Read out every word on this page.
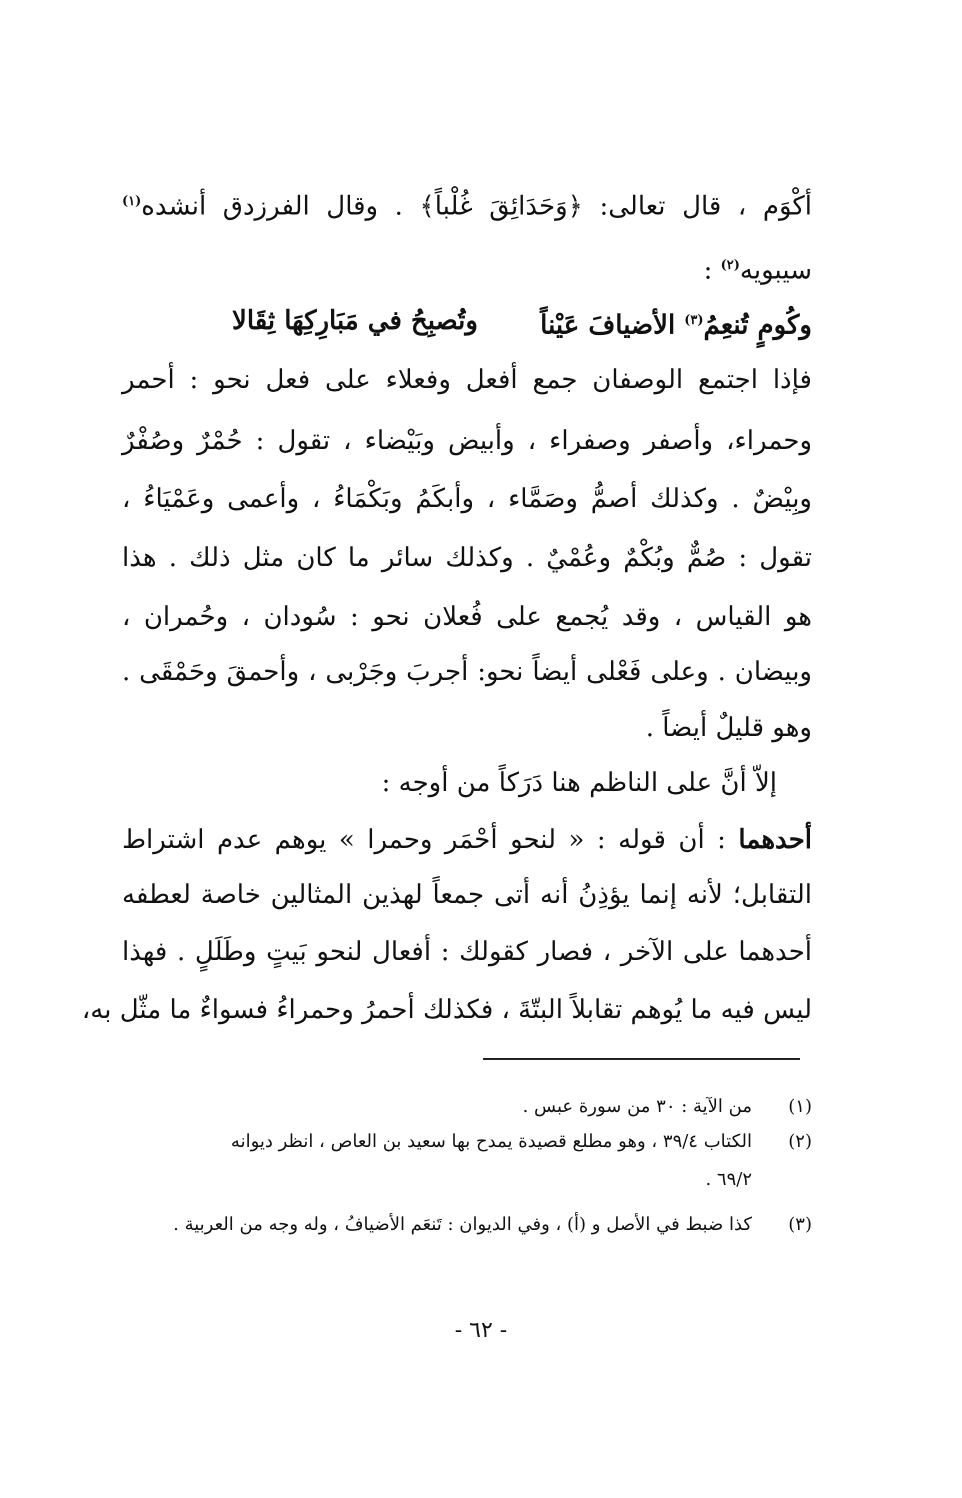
أكْوَم ، قال تعالى: ﴿وَحَدَائِقَ غُلْباً﴾ . وقال الفرزدق أنشده$^{(١)}$
سيبويه$^{(٢)}$ :
وكُومٍ تُنعِمُ$^{(٣)}$ الأضيافَ عَيْناً
وتُصبِحُ في مَبَارِكِهَا ثِقَالا
فإذا اجتمع الوصفان جمع أفعل وفعلاء على فعل نحو : أحمر
وحمراء، وأصفر وصفراء ، وأبيض وبَيْضاء ، تقول : حُمْرٌ وصُفْرٌ
وبِيْضٌ . وكذلك أصمُّ وصَمَّاء ، وأبكَمُ وبَكْمَاءُ ، وأعمى وعَمْيَاءُ ،
تقول : صُمٌّ وبُكْمٌ وعُمْيٌ . وكذلك سائر ما كان مثل ذلك . هذا
هو القياس ، وقد يُجمع على فُعلان نحو : سُودان ، وحُمران ،
وبيضان . وعلى فَعْلى أيضاً نحو: أجربَ وجَرْبى ، وأحمقَ وحَمْقَى .
وهو قليلٌ أيضاً .
إلاّ أنَّ على الناظم هنا دَرَكاً من أوجه :
أحدهما : أن قوله : « لنحو أحْمَر وحمرا » يوهم عدم اشتراط
التقابل؛ لأنه إنما يؤذِنُ أنه أتى جمعاً لهذين المثالين خاصة لعطفه
أحدهما على الآخر ، فصار كقولك : أفعال لنحو بَيتٍ وطَلَلٍ . فهذا
ليس فيه ما يُوهم تقابلاً البتّةَ ، فكذلك أحمرُ وحمراءُ فسواءٌ ما مثّل به،
(١)من الآية : ٣٠ من سورة عبس .
(٢)الكتاب ٣٩/٤ ، وهو مطلع قصيدة يمدح بها سعيد بن العاص ، انظر ديوانه
٦٩/٢ .
(٣)كذا ضبط في الأصل و (أ) ، وفي الديوان : تَنعَم الأضيافُ ، وله وجه من العربية .
- ٦٢ -
